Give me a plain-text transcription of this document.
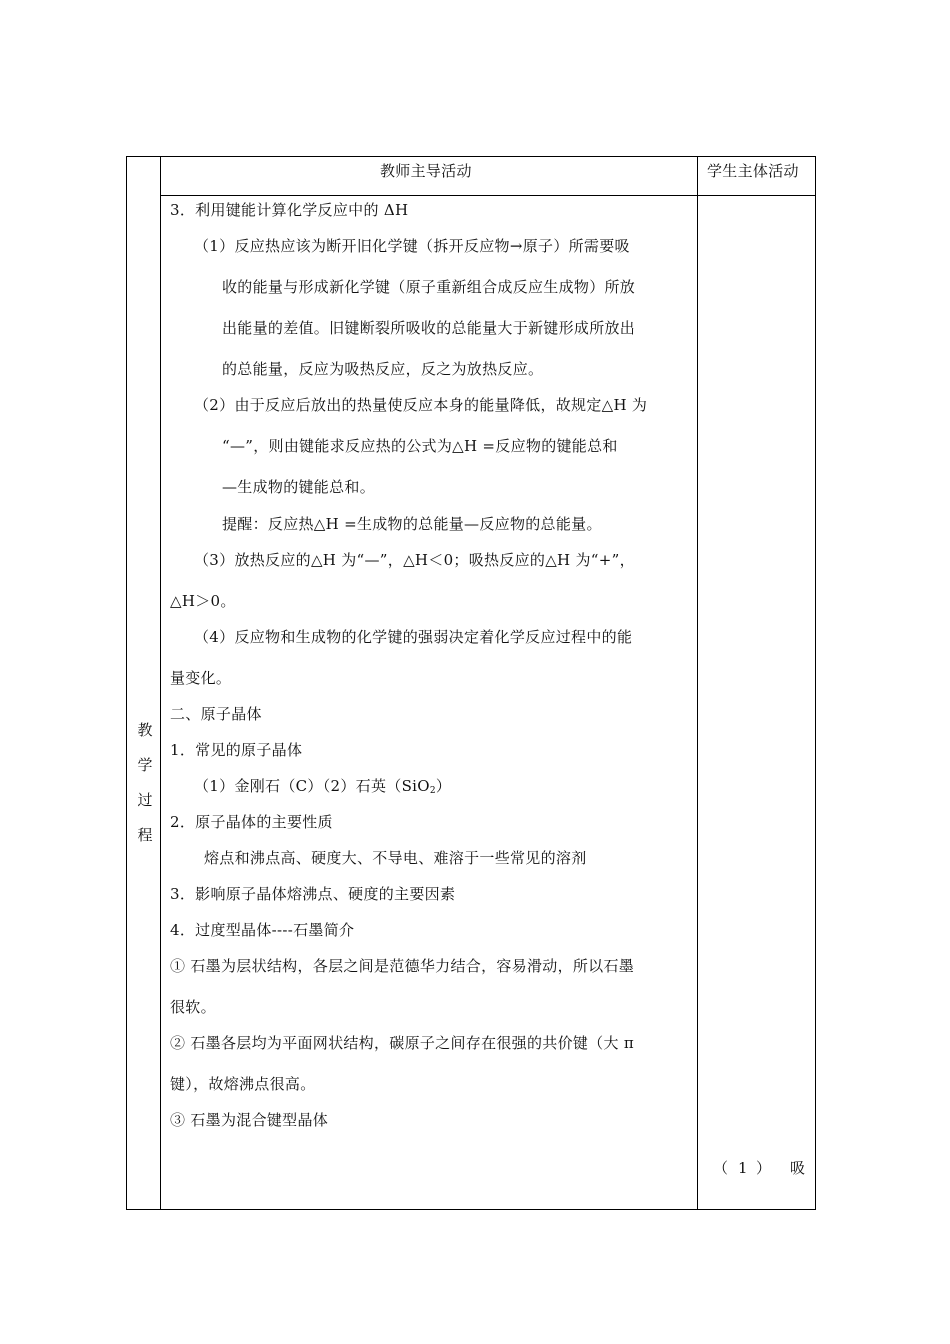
教师主导活动	学生主体活动
教
学
过
程
（ 1 ） 吸
3．利用键能计算化学反应中的 ΔH
（1）反应热应该为断开旧化学键（拆开反应物→原子）所需要吸
收的能量与形成新化学键（原子重新组合成反应生成物）所放
出能量的差值。旧键断裂所吸收的总能量大于新键形成所放出
的总能量，反应为吸热反应，反之为放热反应。
（2）由于反应后放出的热量使反应本身的能量降低，故规定△H 为
“—”，则由键能求反应热的公式为△H =反应物的键能总和
—生成物的键能总和。
提醒：反应热△H =生成物的总能量—反应物的总能量。
（3）放热反应的△H 为“—”，△H＜0；吸热反应的△H 为“+”，
△H＞0。
（4）反应物和生成物的化学键的强弱决定着化学反应过程中的能
量变化。
二、原子晶体
1．常见的原子晶体
（1）金刚石（C）（2）石英（SiO$_2$）
2．原子晶体的主要性质
熔点和沸点高、硬度大、不导电、难溶于一些常见的溶剂
3．影响原子晶体熔沸点、硬度的主要因素
4．过度型晶体----石墨简介
① 石墨为层状结构，各层之间是范德华力结合，容易滑动，所以石墨
很软。
② 石墨各层均为平面网状结构，碳原子之间存在很强的共价键（大 π
键），故熔沸点很高。
③ 石墨为混合键型晶体
